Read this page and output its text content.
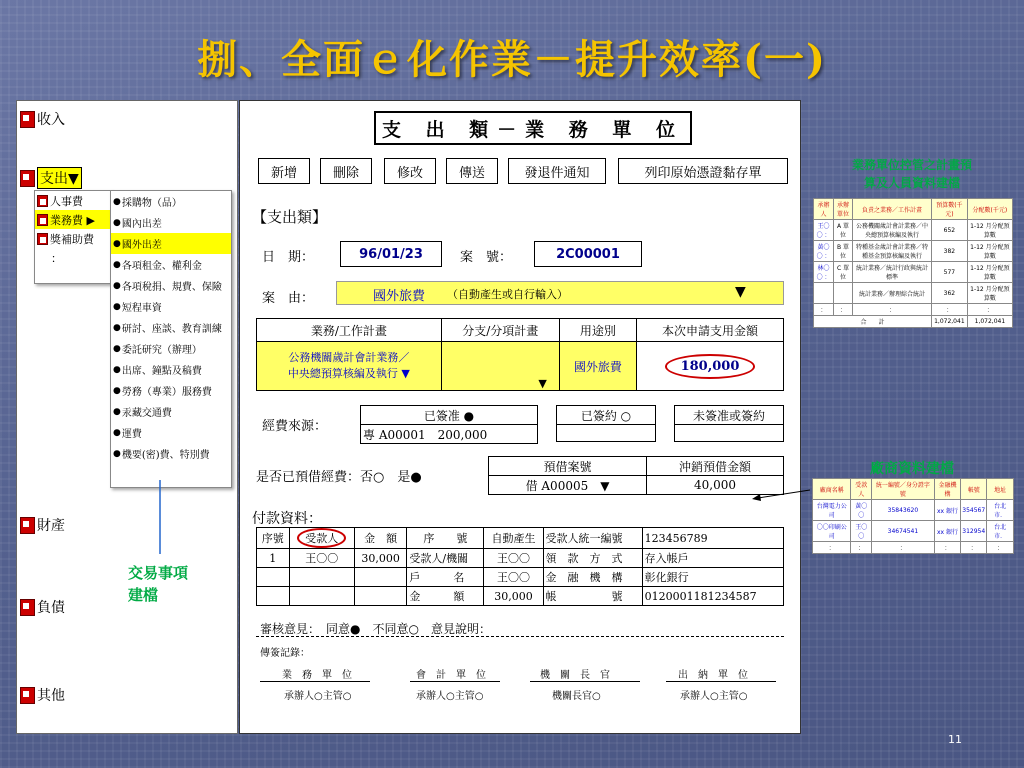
捌、全面ｅ化作業－提升效率(一)
收入
支出▼
財產
負債
其他
人事費
業務費 ▶
獎補助費
：
● 採購物（品）
● 國內出差
● 國外出差
● 各項租金、權利金
● 各項稅捐、規費、保險
● 短程車資
● 研討、座談、教育訓練
● 委託研究（辦理）
● 出席、鐘點及稿費
● 勞務（專業）服務費
● 汞藏交通費
● 運費
● 機要(密)費、特別費
交易事項
建檔
支 出 類－業 務 單 位
新增	刪除	修改	傳送	發退件通知	列印原始憑證黏存單
【支出類】
日　期：	96/01/23	案　號：	2C00001
案　由：	國外旅費 （自動產生或自行輸入）	▼
業務/工作計畫	分支/分項計畫	用途別	本次申請支用金額

公務機關歲計會計業務／
中央總預算核編及執行 ▼	▼	國外旅費	180,000
經費來源：
已簽准 ●
專 A00001　200,000
已簽約 ○	未簽准或簽約

是否已預借經費：否○　是●
預借案號	沖銷預借金額
借 A00005　▼	40,000
付款資料：
序號	受款人	金　額	序　　號	自動產生	受款人統一編號	123456789
1	王〇〇	30,000	受款人/機關	王〇〇	領　款　方　式	存入帳戶
			戶　　　名	王〇〇	金　融　機　構	彰化銀行
			金　　　額	30,000	帳　　　　　號	0120001181234587
審核意見：　同意●　不同意○　意見說明：
傳簽記錄：
業　務　單　位	會　計　單　位	機　關　長　官	出　納　單　位
承辦人○主管○	承辦人○主管○	機關長官○	承辦人○主管○
業務單位控管之計畫預
算及人員資料建檔
承辦人	承辦單位	負責之業務／工作計畫	預算數(千元)	分配數(千元)
王〇〇 ：	A 單位	公務機關歲計會計業務／中央總預算核編及執行	652	1-12 月分配預算數
黃〇〇 ：	B 單位	特種基金歲計會計業務／特種基金預算核編及執行	382	1-12 月分配預算數
林〇〇 ：	C 單位	統計業務／統計行政與統計標準	577	1-12 月分配預算數
		統計業務／辦理綜合統計	362	1-12 月分配預算數
：	：	：	：	：
合　　計			1,072,041	1,072,041
廠商資料建檔
廠商名稱	受款人	統一編號／身分證字號	金融機構	帳號	地址
台灣電力公司	黃〇〇	35843620	xx 銀行	354567	台北市．
〇〇印刷公司	王〇〇	34674541	xx 銀行	312954	台北市．
：	：	：	：	：	：
11
